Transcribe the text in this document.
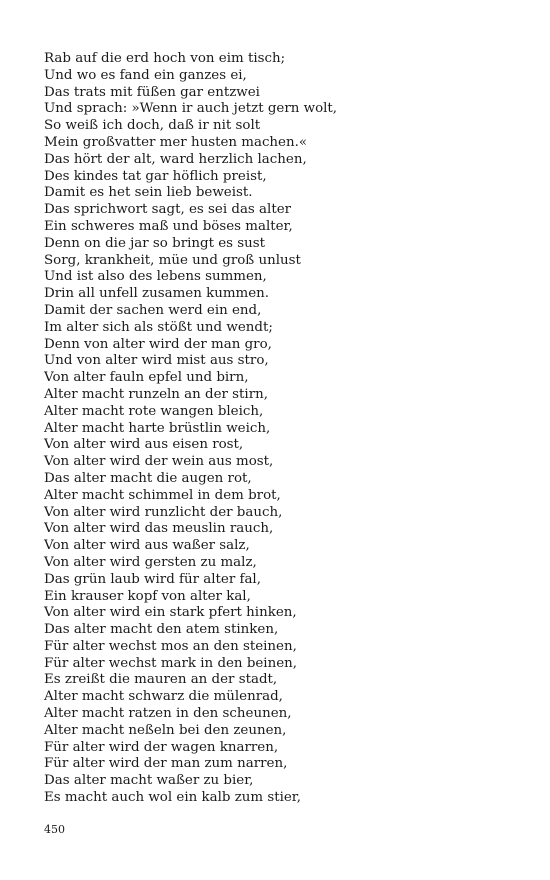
Rab auf die erd hoch von eim tisch;
Und wo es fand ein ganzes ei,
Das trats mit füßen gar entzwei
Und sprach: »Wenn ir auch jetzt gern wolt,
So weiß ich doch, daß ir nit solt
Mein großvatter mer husten machen.«
Das hört der alt, ward herzlich lachen,
Des kindes tat gar höflich preist,
Damit es het sein lieb beweist.
Das sprichwort sagt, es sei das alter
Ein schweres maß und böses malter,
Denn on die jar so bringt es sust
Sorg, krankheit, müe und groß unlust
Und ist also des lebens summen,
Drin all unfell zusamen kummen.
Damit der sachen werd ein end,
Im alter sich als stößt und wendt;
Denn von alter wird der man gro,
Und von alter wird mist aus stro,
Von alter fauln epfel und birn,
Alter macht runzeln an der stirn,
Alter macht rote wangen bleich,
Alter macht harte brüstlin weich,
Von alter wird aus eisen rost,
Von alter wird der wein aus most,
Das alter macht die augen rot,
Alter macht schimmel in dem brot,
Von alter wird runzlicht der bauch,
Von alter wird das meuslin rauch,
Von alter wird aus waßer salz,
Von alter wird gersten zu malz,
Das grün laub wird für alter fal,
Ein krauser kopf von alter kal,
Von alter wird ein stark pfert hinken,
Das alter macht den atem stinken,
Für alter wechst mos an den steinen,
Für alter wechst mark in den beinen,
Es zreißt die mauren an der stadt,
Alter macht schwarz die mülenrad,
Alter macht ratzen in den scheunen,
Alter macht neßeln bei den zeunen,
Für alter wird der wagen knarren,
Für alter wird der man zum narren,
Das alter macht waßer zu bier,
Es macht auch wol ein kalb zum stier,
450
